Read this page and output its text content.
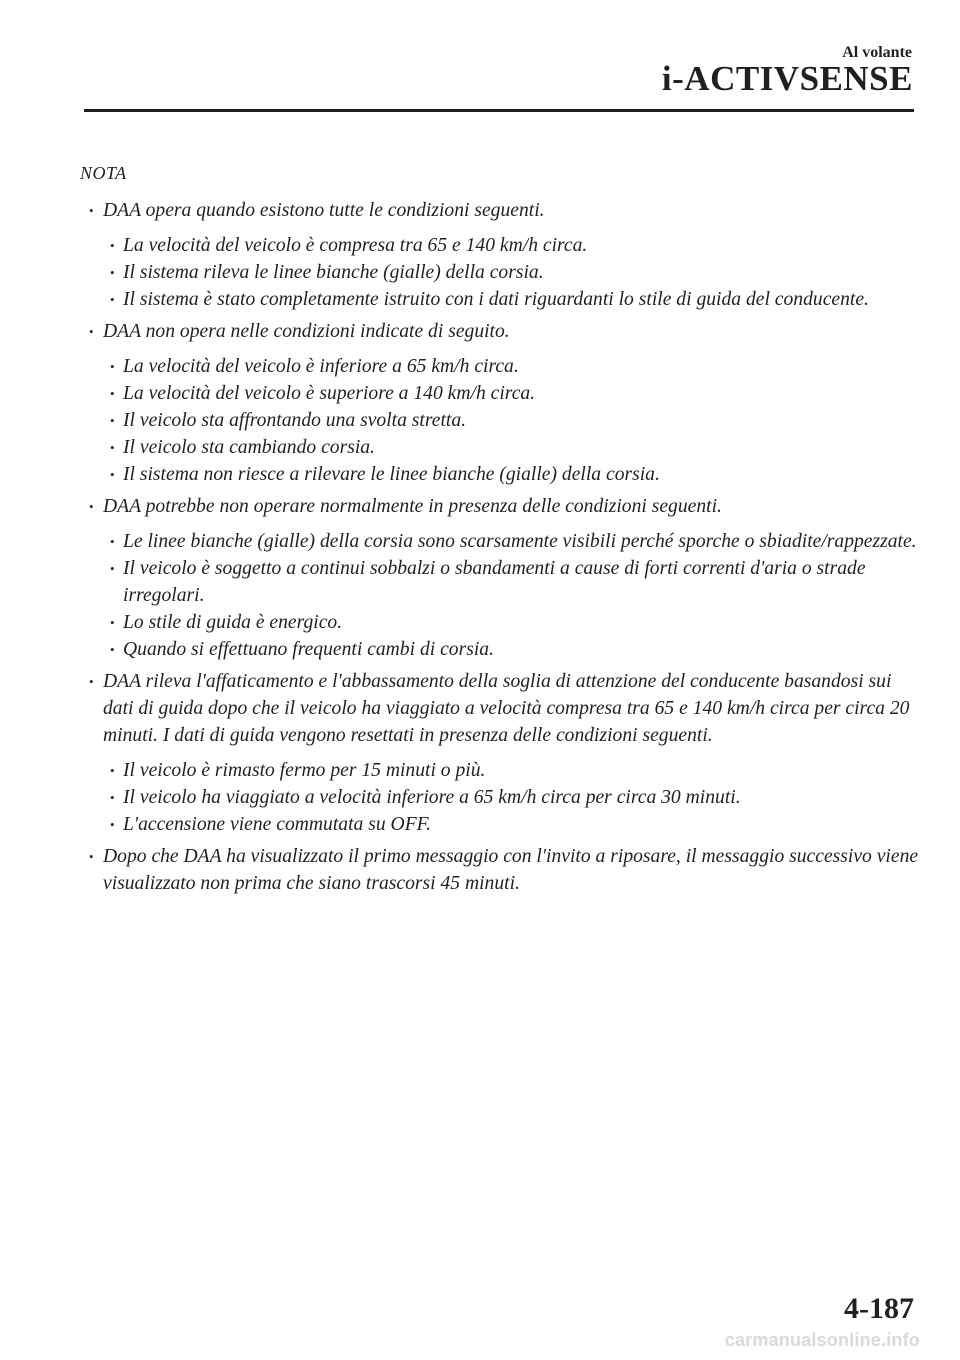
Al volante
i-ACTIVSENSE
NOTA
• DAA opera quando esistono tutte le condizioni seguenti.
• La velocità del veicolo è compresa tra 65 e 140 km/h circa.
• Il sistema rileva le linee bianche (gialle) della corsia.
• Il sistema è stato completamente istruito con i dati riguardanti lo stile di guida del conducente.
• DAA non opera nelle condizioni indicate di seguito.
• La velocità del veicolo è inferiore a 65 km/h circa.
• La velocità del veicolo è superiore a 140 km/h circa.
• Il veicolo sta affrontando una svolta stretta.
• Il veicolo sta cambiando corsia.
• Il sistema non riesce a rilevare le linee bianche (gialle) della corsia.
• DAA potrebbe non operare normalmente in presenza delle condizioni seguenti.
• Le linee bianche (gialle) della corsia sono scarsamente visibili perché sporche o sbiadite/rappezzate.
• Il veicolo è soggetto a continui sobbalzi o sbandamenti a cause di forti correnti d'aria o strade irregolari.
• Lo stile di guida è energico.
• Quando si effettuano frequenti cambi di corsia.
• DAA rileva l'affaticamento e l'abbassamento della soglia di attenzione del conducente basandosi sui dati di guida dopo che il veicolo ha viaggiato a velocità compresa tra 65 e 140 km/h circa per circa 20 minuti. I dati di guida vengono resettati in presenza delle condizioni seguenti.
• Il veicolo è rimasto fermo per 15 minuti o più.
• Il veicolo ha viaggiato a velocità inferiore a 65 km/h circa per circa 30 minuti.
• L'accensione viene commutata su OFF.
• Dopo che DAA ha visualizzato il primo messaggio con l'invito a riposare, il messaggio successivo viene visualizzato non prima che siano trascorsi 45 minuti.
4-187
carmanualsonline.info
